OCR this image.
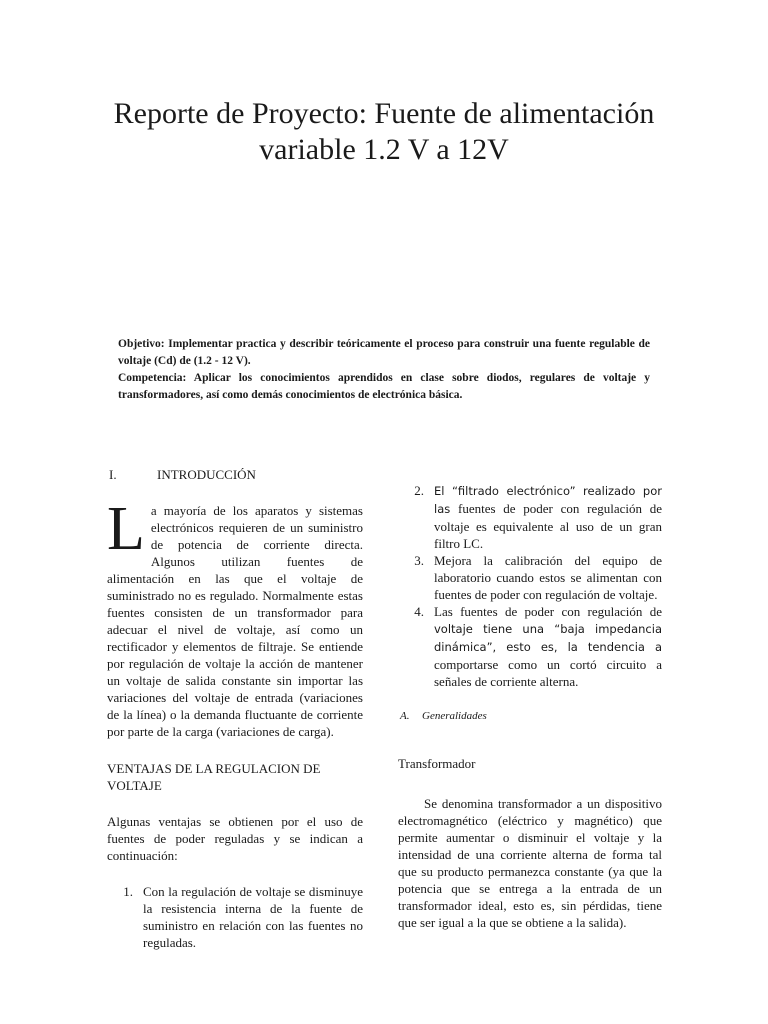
Reporte de Proyecto: Fuente de alimentación
variable 1.2 V a 12V

Objetivo: Implementar practica y describir teóricamente el proceso para construir una fuente regulable de voltaje (Cd) de (1.2 - 12 V).

Competencia: Aplicar los conocimientos aprendidos en clase sobre diodos, regulares de voltaje y transformadores, así como demás conocimientos de electrónica básica.

I.	INTRODUCCIÓN

La mayoría de los aparatos y sistemas electrónicos requieren de un suministro de potencia de corriente directa. Algunos utilizan fuentes de alimentación en las que el voltaje de suministrado no es regulado. Normalmente estas fuentes consisten de un transformador para adecuar el nivel de voltaje, así como un rectificador y elementos de filtraje. Se entiende por regulación de voltaje la acción de mantener un voltaje de salida constante sin importar las variaciones del voltaje de entrada (variaciones de la línea) o la demanda fluctuante de corriente por parte de la carga (variaciones de carga).

VENTAJAS DE LA REGULACION DE
VOLTAJE

Algunas ventajas se obtienen por el uso de fuentes de poder reguladas y se indican a continuación:

1. Con la regulación de voltaje se disminuye la resistencia interna de la fuente de suministro en relación con las fuentes no reguladas.
2. El “filtrado electrónico” realizado por las fuentes de poder con regulación de voltaje es equivalente al uso de un gran filtro LC.
3. Mejora la calibración del equipo de laboratorio cuando estos se alimentan con fuentes de poder con regulación de voltaje.
4. Las fuentes de poder con regulación de voltaje tiene una “baja impedancia dinámica”, esto es, la tendencia a comportarse como un cortó circuito a señales de corriente alterna.

A. Generalidades

Transformador

Se denomina transformador a un dispositivo electromagnético (eléctrico y magnético) que permite aumentar o disminuir el voltaje y la intensidad de una corriente alterna de forma tal que su producto permanezca constante (ya que la potencia que se entrega a la entrada de un transformador ideal, esto es, sin pérdidas, tiene que ser igual a la que se obtiene a la salida).
